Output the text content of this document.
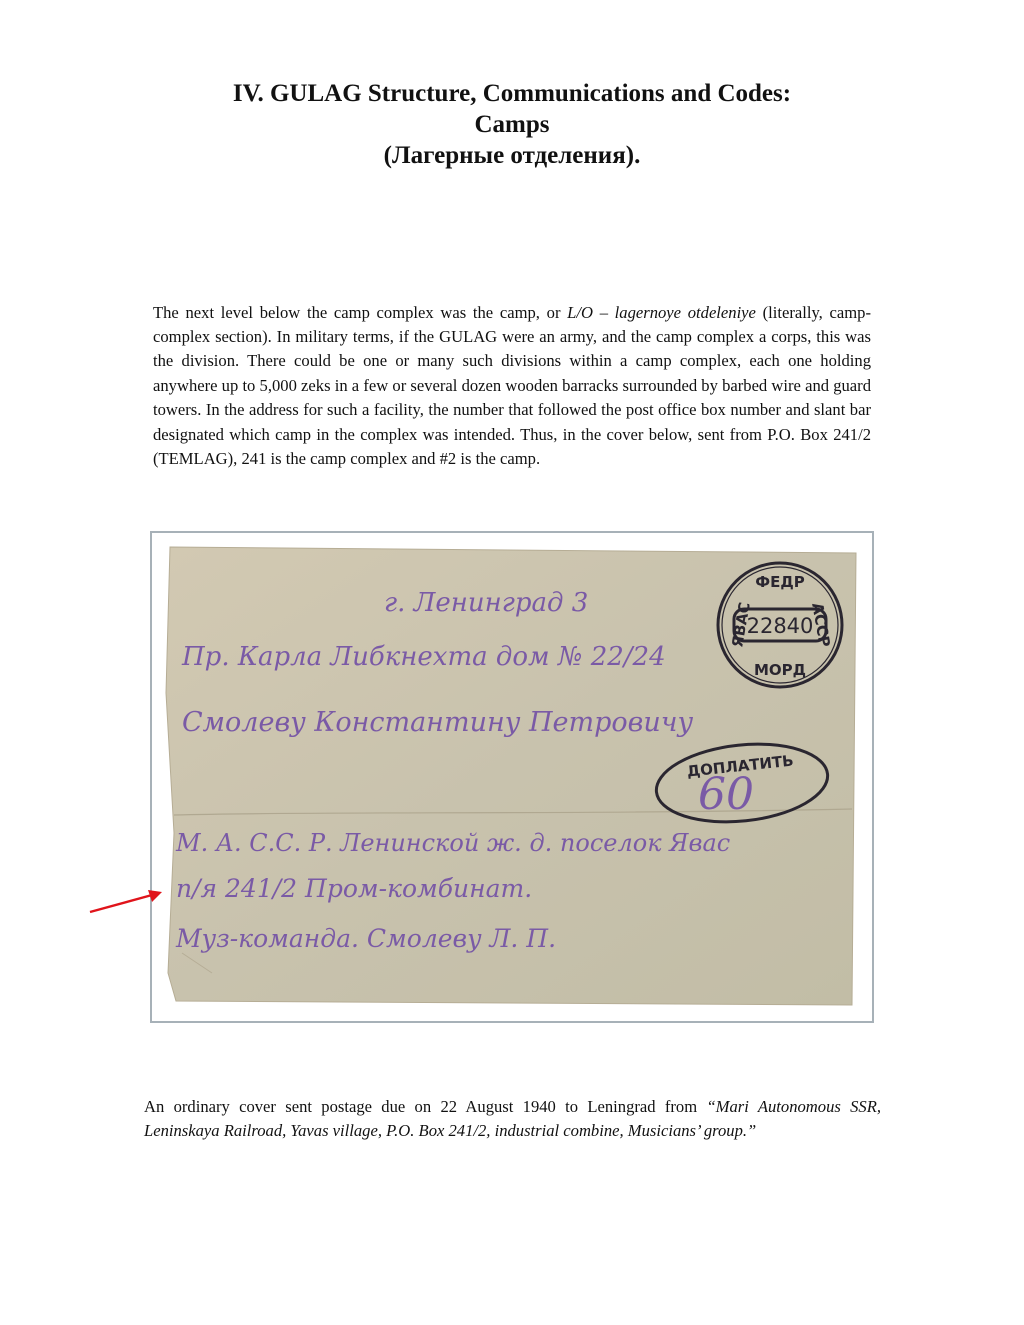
IV. GULAG Structure, Communications and Codes:
Camps
(Лагерные отделения).

The next level below the camp complex was the camp, or L/O – lagernoye otdeleniye (literally, camp-complex section). In military terms, if the GULAG were an army, and the camp complex a corps, this was the division. There could be one or many such divisions within a camp complex, each one holding anywhere up to 5,000 zeks in a few or several dozen wooden barracks surrounded by barbed wire and guard towers. In the address for such a facility, the number that followed the post office box number and slant bar designated which camp in the complex was intended. Thus, in the cover below, sent from P.O. Box 241/2 (TEMLAG), 241 is the camp complex and #2 is the camp.

22840
ФЕДР
ЯВАС	АССР
МОРД
ДОПЛАТИТЬ
60
г. Ленинград 3
Пр. Карла Либкнехта дом № 22/24
Смолеву Константину Петровичу
М. А. С.С. Р. Ленинской ж. д. поселок Явас
п/я 241/2 Пром-комбинат.
Муз-команда. Смолеву Л. П.

An ordinary cover sent postage due on 22 August 1940 to Leningrad from “Mari Autonomous SSR, Leninskaya Railroad, Yavas village, P.O. Box 241/2, industrial combine, Musicians’ group.”
